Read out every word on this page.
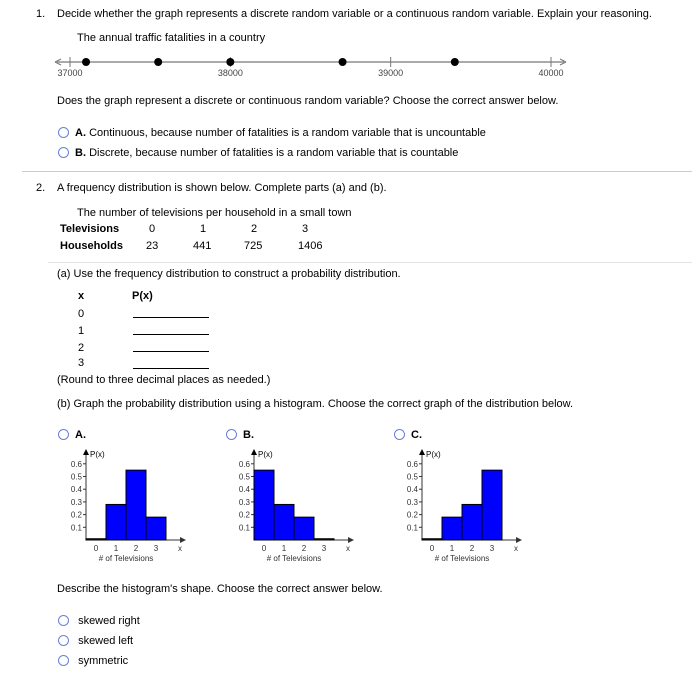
1. Decide whether the graph represents a discrete random variable or a continuous random variable. Explain your reasoning.
The annual traffic fatalities in a country
37000	38000	39000	40000
Does the graph represent a discrete or continuous random variable? Choose the correct answer below.
A. Continuous, because number of fatalities is a random variable that is uncountable
B. Discrete, because number of fatalities is a random variable that is countable
2. A frequency distribution is shown below. Complete parts (a) and (b).
The number of televisions per household in a small town
Televisions	0	1	2	3
Households 23	441	725	1406
(a) Use the frequency distribution to construct a probability distribution.
x	P(x)
0
1
2
3
(Round to three decimal places as needed.)
(b) Graph the probability distribution using a histogram. Choose the correct graph of the distribution below.
A.
P(x)
0.1
0.2
0.3
0.4
0.5
0.6
0 1 2 3 x
# of Televisions
B.
P(x)
0.1
0.2
0.3
0.4
0.5
0.6
0 1 2 3 x
# of Televisions
C.
P(x)
0.1
0.2
0.3
0.4
0.5
0.6
0 1 2 3 x
# of Televisions
Describe the histogram's shape. Choose the correct answer below.
skewed right
skewed left
symmetric
